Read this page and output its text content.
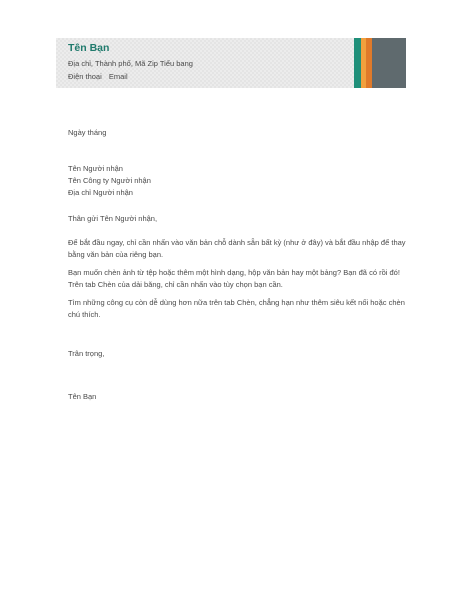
Tên Bạn
Địa chỉ, Thành phố, Mã Zip Tiểu bang
Điện thoại Email
Ngày tháng

Tên Người nhận

Tên Công ty Người nhận

Địa chỉ Người nhận

Thân gửi Tên Người nhận,
Để bắt đầu ngay, chỉ cần nhấn vào văn bản chỗ dành sẵn bất kỳ (như ở đây) và bắt đầu nhập để thay bằng văn bản của riêng bạn.
Bạn muốn chèn ảnh từ tệp hoặc thêm một hình dạng, hộp văn bản hay một bảng? Bạn đã có rồi đó! Trên tab Chèn của dải băng, chỉ cần nhấn vào tùy chọn bạn cần.
Tìm những công cụ còn dễ dùng hơn nữa trên tab Chèn, chẳng hạn như thêm siêu kết nối hoặc chèn chú thích.
Trân trọng,
Tên Bạn
